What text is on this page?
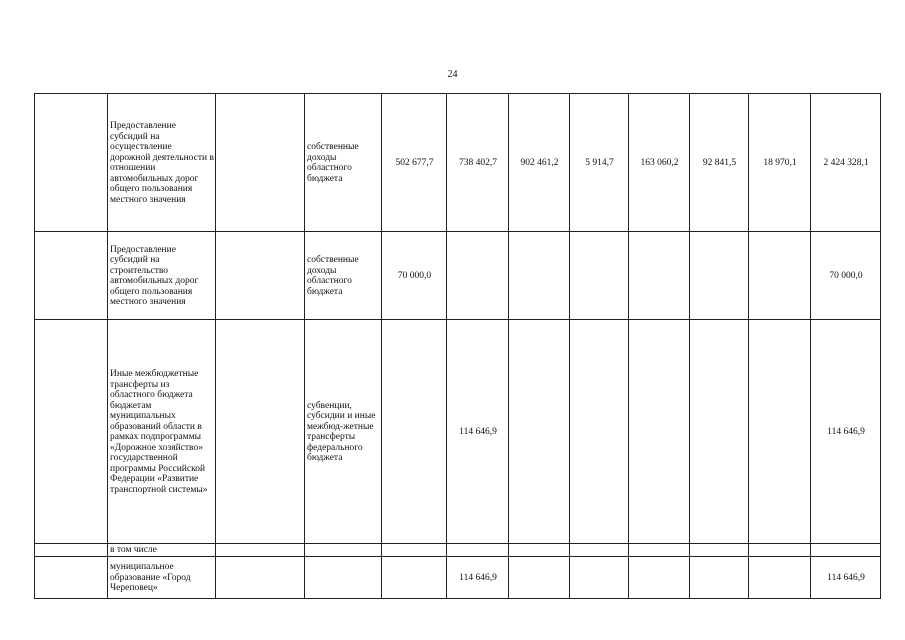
24
	Предоставление субсидий на осуществление дорожной деятельности в отношении автомобильных дорог общего пользования местного значения		собственные доходы областного бюджета	502 677,7	738 402,7	902 461,2	5 914,7	163 060,2	92 841,5	18 970,1	2 424 328,1
	Предоставление субсидий на строительство автомобильных дорог общего пользования местного значения		собственные доходы областного бюджета	70 000,0							70 000,0
	Иные межбюджетные трансферты из областного бюджета бюджетам муниципальных образований области в рамках подпрограммы «Дорожное хозяйство» государственной программы Российской Федерации «Развитие транспортной системы»		субвенции, субсидии и иные межбюд-жетные трансферты федерального бюджета		114 646,9						114 646,9
	в том числе										
	муниципальное образование «Город Череповец»				114 646,9						114 646,9
